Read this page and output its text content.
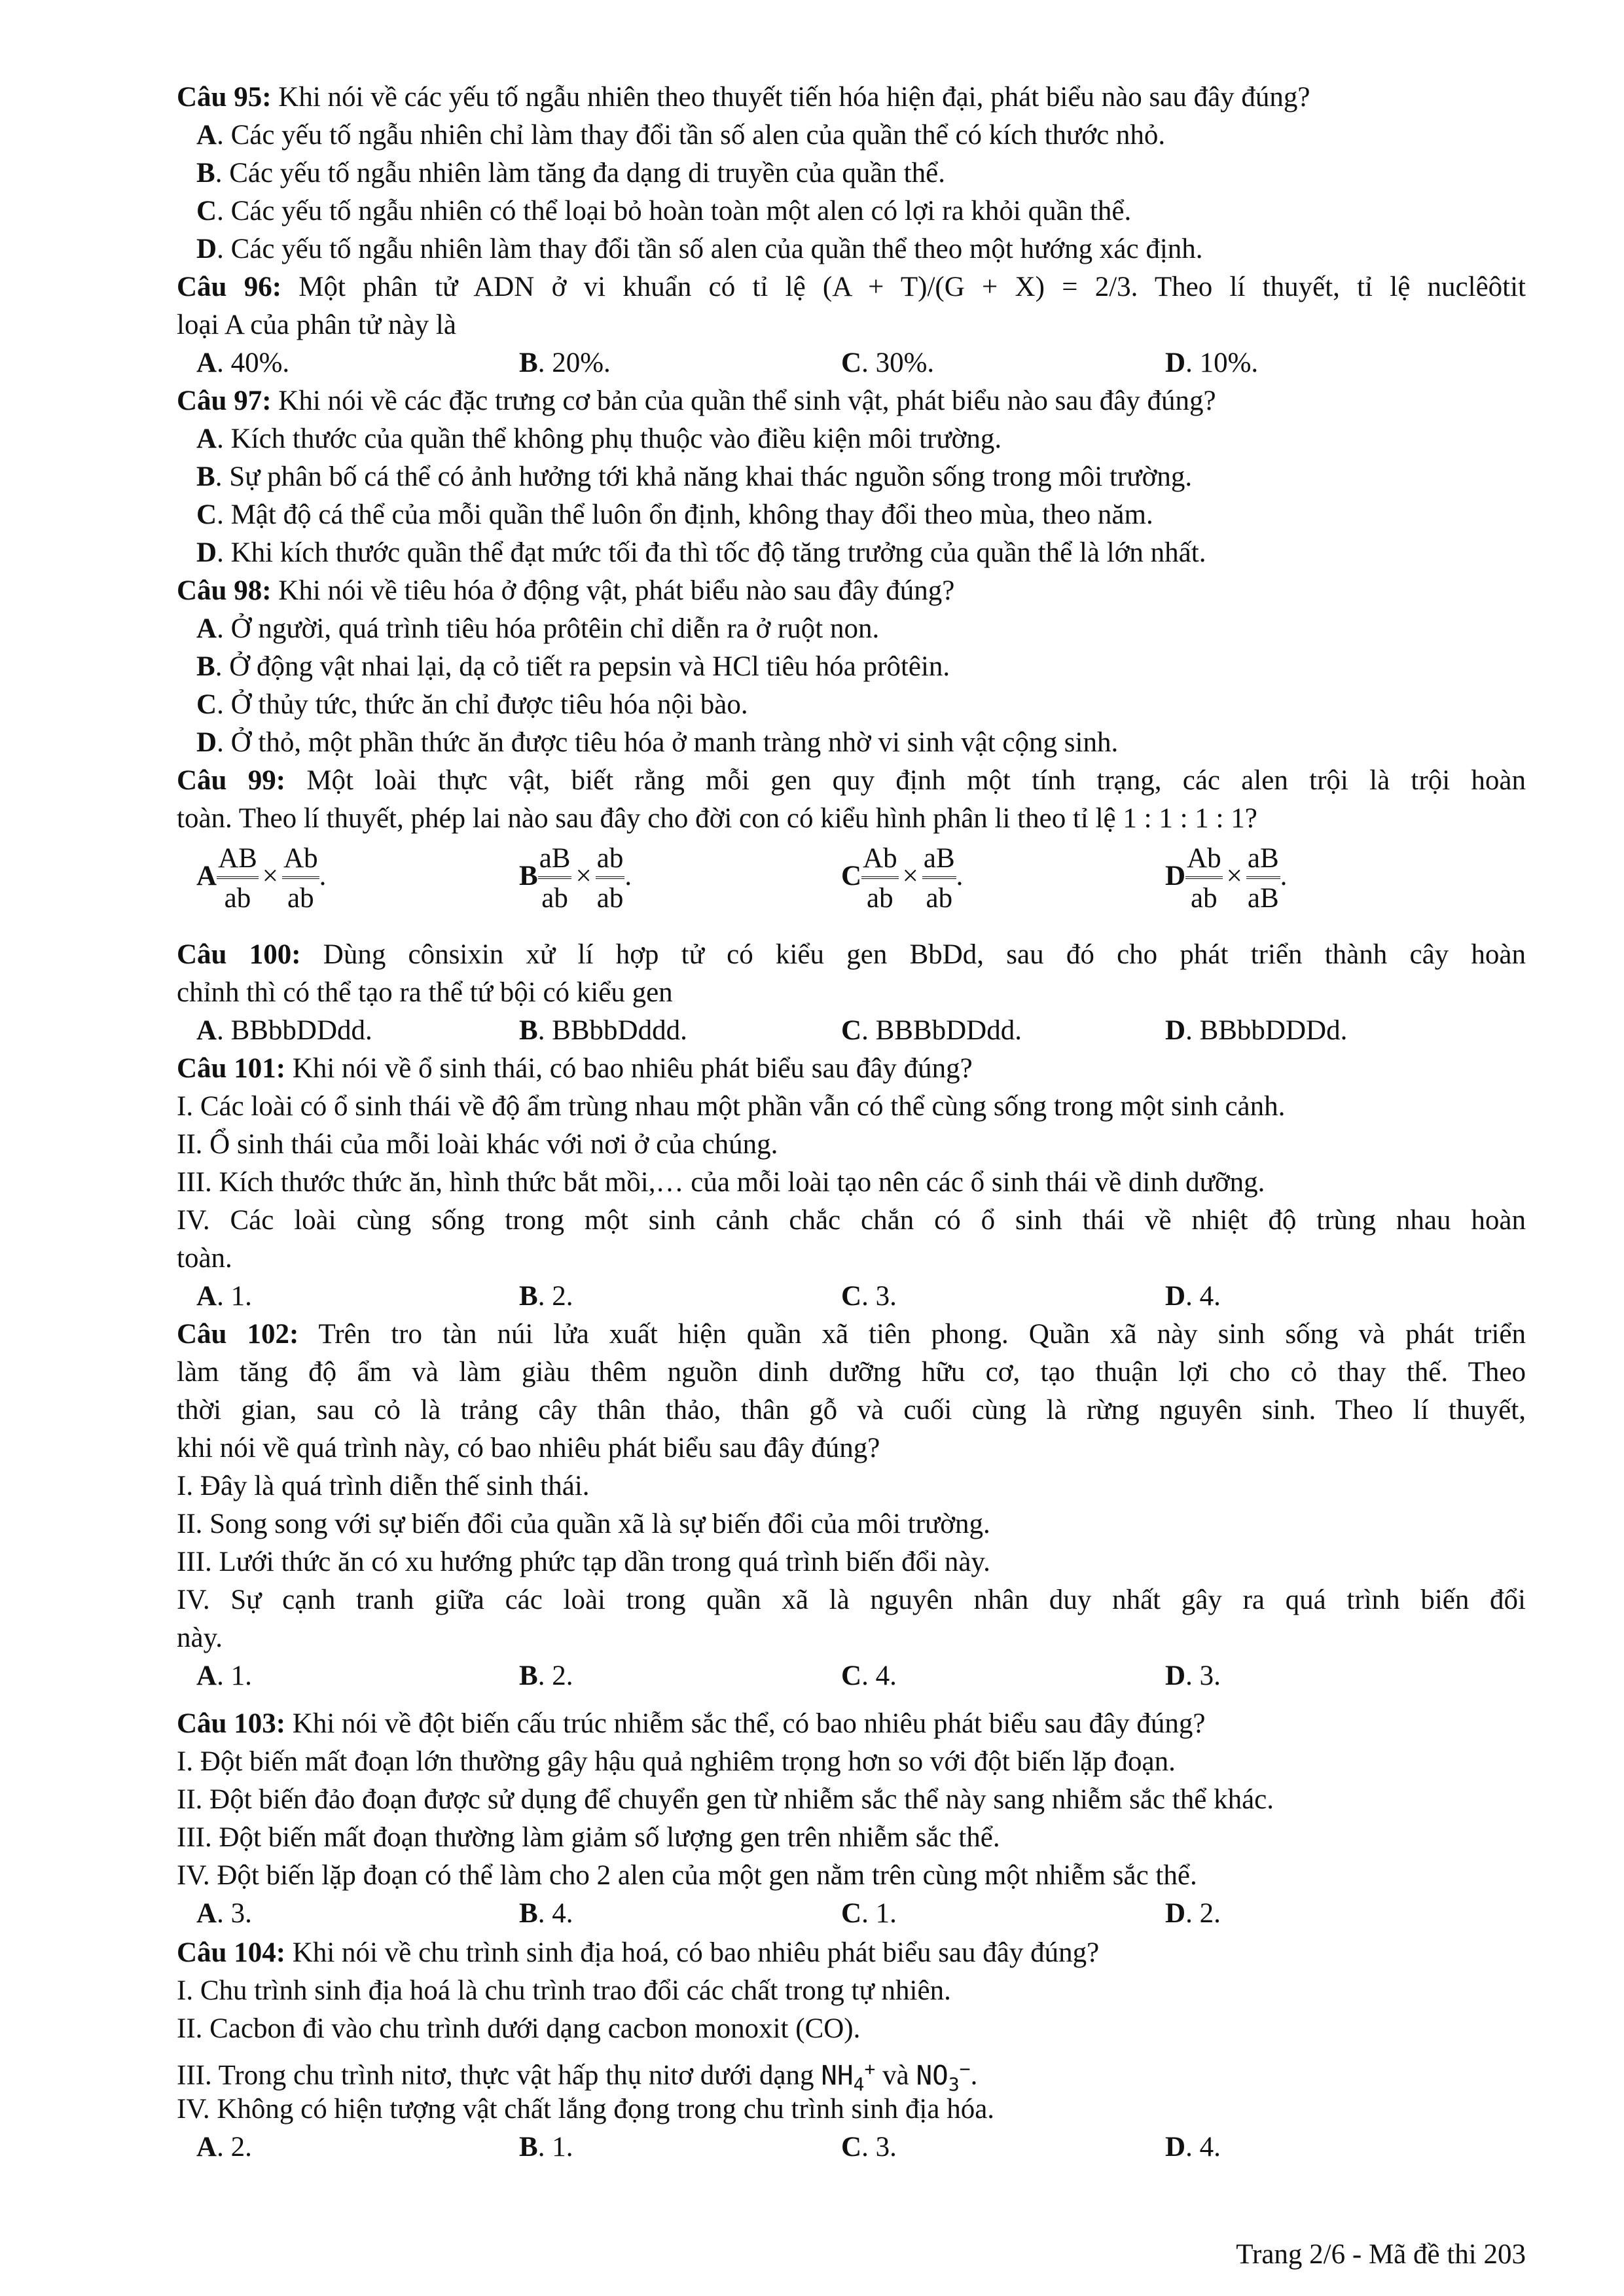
Câu 95: Khi nói về các yếu tố ngẫu nhiên theo thuyết tiến hóa hiện đại, phát biểu nào sau đây đúng?
A. Các yếu tố ngẫu nhiên chỉ làm thay đổi tần số alen của quần thể có kích thước nhỏ.
B. Các yếu tố ngẫu nhiên làm tăng đa dạng di truyền của quần thể.
C. Các yếu tố ngẫu nhiên có thể loại bỏ hoàn toàn một alen có lợi ra khỏi quần thể.
D. Các yếu tố ngẫu nhiên làm thay đổi tần số alen của quần thể theo một hướng xác định.
Câu 96: Một phân tử ADN ở vi khuẩn có tỉ lệ (A + T)/(G + X) = 2/3. Theo lí thuyết, tỉ lệ nuclêôtit
loại A của phân tử này là
A. 40%.	B. 20%.	C. 30%.	D. 10%.
Câu 97: Khi nói về các đặc trưng cơ bản của quần thể sinh vật, phát biểu nào sau đây đúng?
A. Kích thước của quần thể không phụ thuộc vào điều kiện môi trường.
B. Sự phân bố cá thể có ảnh hưởng tới khả năng khai thác nguồn sống trong môi trường.
C. Mật độ cá thể của mỗi quần thể luôn ổn định, không thay đổi theo mùa, theo năm.
D. Khi kích thước quần thể đạt mức tối đa thì tốc độ tăng trưởng của quần thể là lớn nhất.
Câu 98: Khi nói về tiêu hóa ở động vật, phát biểu nào sau đây đúng?
A. Ở người, quá trình tiêu hóa prôtêin chỉ diễn ra ở ruột non.
B. Ở động vật nhai lại, dạ cỏ tiết ra pepsin và HCl tiêu hóa prôtêin.
C. Ở thủy tức, thức ăn chỉ được tiêu hóa nội bào.
D. Ở thỏ, một phần thức ăn được tiêu hóa ở manh tràng nhờ vi sinh vật cộng sinh.
Câu 99: Một loài thực vật, biết rằng mỗi gen quy định một tính trạng, các alen trội là trội hoàn
toàn. Theo lí thuyết, phép lai nào sau đây cho đời con có kiểu hình phân li theo tỉ lệ 1 : 1 : 1 : 1?
A $\frac{AB}{ab} \times \frac{Ab}{ab}$ .	B $\frac{aB}{ab} \times \frac{ab}{ab}$ .	C $\frac{Ab}{ab} \times \frac{aB}{ab}$ .	D $\frac{Ab}{ab} \times \frac{aB}{aB}$ .
Câu 100: Dùng cônsixin xử lí hợp tử có kiểu gen BbDd, sau đó cho phát triển thành cây hoàn
chỉnh thì có thể tạo ra thể tứ bội có kiểu gen
A. BBbbDDdd.	B. BBbbDddd.	C. BBBbDDdd.	D. BBbbDDDd.
Câu 101: Khi nói về ổ sinh thái, có bao nhiêu phát biểu sau đây đúng?
I. Các loài có ổ sinh thái về độ ẩm trùng nhau một phần vẫn có thể cùng sống trong một sinh cảnh.
II. Ổ sinh thái của mỗi loài khác với nơi ở của chúng.
III. Kích thước thức ăn, hình thức bắt mồi,… của mỗi loài tạo nên các ổ sinh thái về dinh dưỡng.
IV. Các loài cùng sống trong một sinh cảnh chắc chắn có ổ sinh thái về nhiệt độ trùng nhau hoàn
toàn.
A. 1.	B. 2.	C. 3.	D. 4.
Câu 102: Trên tro tàn núi lửa xuất hiện quần xã tiên phong. Quần xã này sinh sống và phát triển
làm tăng độ ẩm và làm giàu thêm nguồn dinh dưỡng hữu cơ, tạo thuận lợi cho cỏ thay thế. Theo
thời gian, sau cỏ là trảng cây thân thảo, thân gỗ và cuối cùng là rừng nguyên sinh. Theo lí thuyết,
khi nói về quá trình này, có bao nhiêu phát biểu sau đây đúng?
I. Đây là quá trình diễn thế sinh thái.
II. Song song với sự biến đổi của quần xã là sự biến đổi của môi trường.
III. Lưới thức ăn có xu hướng phức tạp dần trong quá trình biến đổi này.
IV. Sự cạnh tranh giữa các loài trong quần xã là nguyên nhân duy nhất gây ra quá trình biến đổi
này.
A. 1.	B. 2.	C. 4.	D. 3.
Câu 103: Khi nói về đột biến cấu trúc nhiễm sắc thể, có bao nhiêu phát biểu sau đây đúng?
I. Đột biến mất đoạn lớn thường gây hậu quả nghiêm trọng hơn so với đột biến lặp đoạn.
II. Đột biến đảo đoạn được sử dụng để chuyển gen từ nhiễm sắc thể này sang nhiễm sắc thể khác.
III. Đột biến mất đoạn thường làm giảm số lượng gen trên nhiễm sắc thể.
IV. Đột biến lặp đoạn có thể làm cho 2 alen của một gen nằm trên cùng một nhiễm sắc thể.
A. 3.	B. 4.	C. 1.	D. 2.
Câu 104: Khi nói về chu trình sinh địa hoá, có bao nhiêu phát biểu sau đây đúng?
I. Chu trình sinh địa hoá là chu trình trao đổi các chất trong tự nhiên.
II. Cacbon đi vào chu trình dưới dạng cacbon monoxit (CO).
III. Trong chu trình nitơ, thực vật hấp thụ nitơ dưới dạng $NH_4^+$ và $NO_3^-$.
IV. Không có hiện tượng vật chất lắng đọng trong chu trình sinh địa hóa.
A. 2.	B. 1.	C. 3.	D. 4.
Trang 2/6 - Mã đề thi 203
